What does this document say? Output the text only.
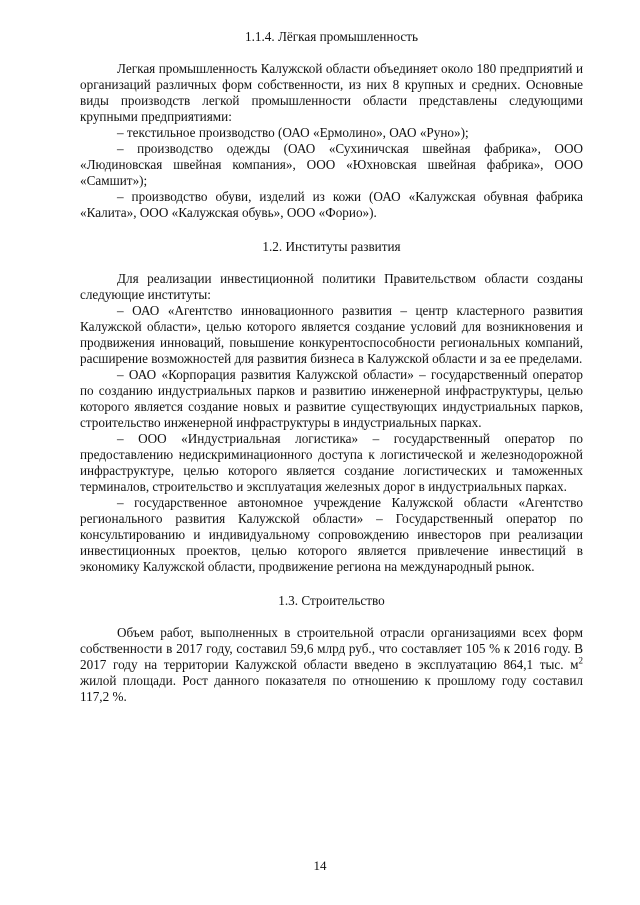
1.1.4. Лёгкая промышленность

Легкая промышленность Калужской области объединяет около 180 предприятий и организаций различных форм собственности, из них 8 крупных и средних. Основные виды производств легкой промышленности области представлены следующими крупными предприятиями:

– текстильное производство (ОАО «Ермолино», ОАО «Руно»);

– производство одежды (ОАО «Сухиничская швейная фабрика», ООО «Людиновская швейная компания», ООО «Юхновская швейная фабрика», ООО «Самшит»);

– производство обуви, изделий из кожи (ОАО «Калужская обувная фабрика «Калита», ООО «Калужская обувь», ООО «Форио»).

1.2. Институты развития

Для реализации инвестиционной политики Правительством области созданы следующие институты:

– ОАО «Агентство инновационного развития – центр кластерного развития Калужской области», целью которого является создание условий для возникновения и продвижения инноваций, повышение конкурентоспособности региональных компаний, расширение возможностей для развития бизнеса в Калужской области и за ее пределами.

– ОАО «Корпорация развития Калужской области» – государственный оператор по созданию индустриальных парков и развитию инженерной инфраструктуры, целью которого является создание новых и развитие существующих индустриальных парков, строительство инженерной инфраструктуры в индустриальных парках.

– ООО «Индустриальная логистика» – государственный оператор по предоставлению недискриминационного доступа к логистической и железнодорожной инфраструктуре, целью которого является создание логистических и таможенных терминалов, строительство и эксплуатация железных дорог в индустриальных парках.

– государственное автономное учреждение Калужской области «Агентство регионального развития Калужской области» – Государственный оператор по консультированию и индивидуальному сопровождению инвесторов при реализации инвестиционных проектов, целью которого является привлечение инвестиций в экономику Калужской области, продвижение региона на международный рынок.

1.3. Строительство

Объем работ, выполненных в строительной отрасли организациями всех форм собственности в 2017 году, составил 59,6 млрд руб., что составляет 105 % к 2016 году. В 2017 году на территории Калужской области введено в эксплуатацию 864,1 тыс. $м^2$ жилой площади. Рост данного показателя по отношению к прошлому году составил 117,2 %.

14
